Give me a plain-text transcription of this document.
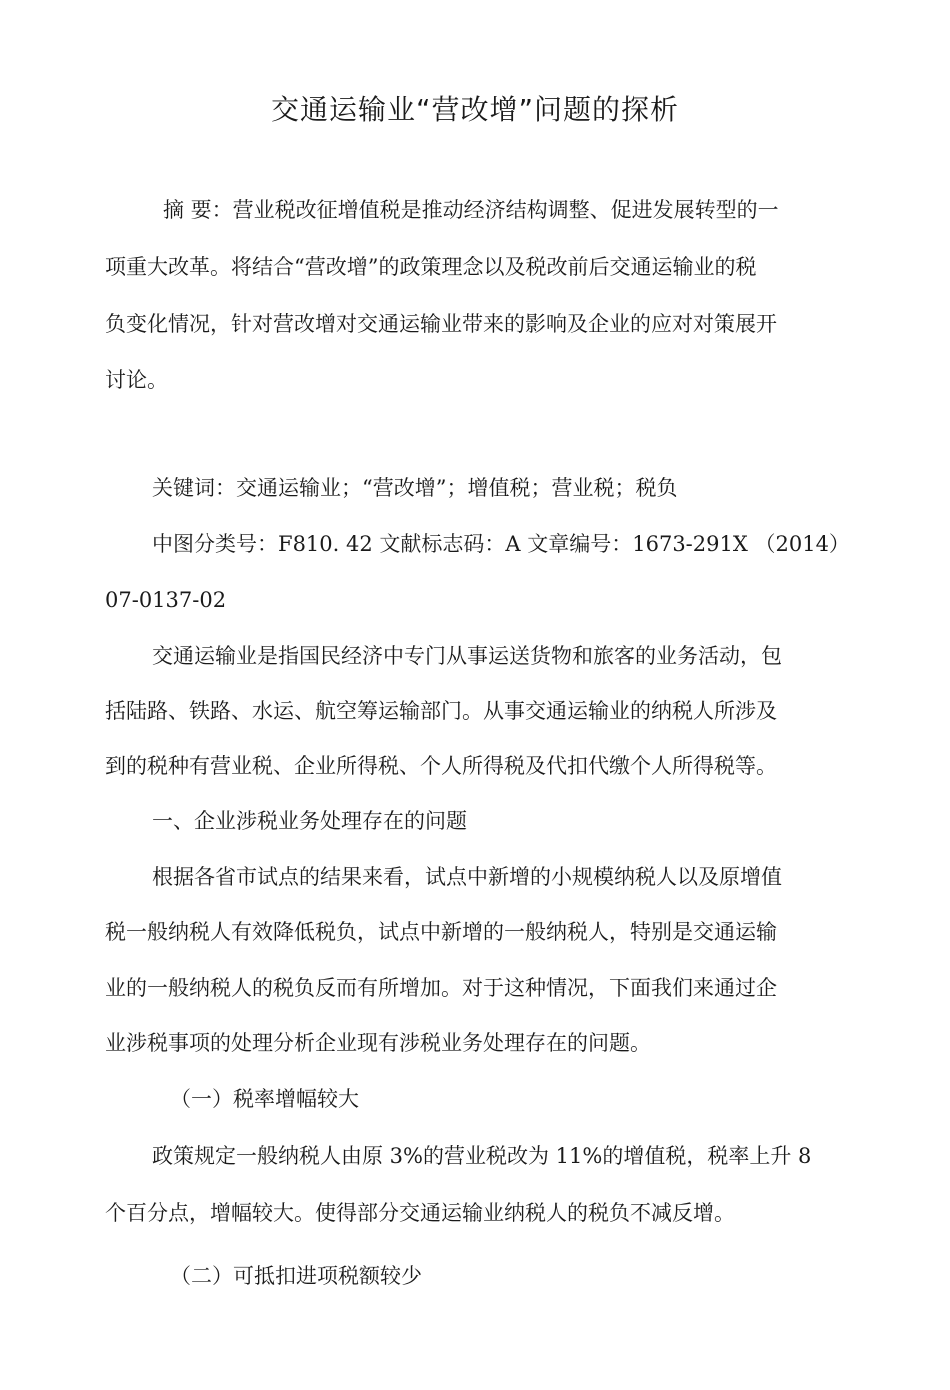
交通运输业“营改增”问题的探析
摘 要：营业税改征增值税是推动经济结构调整、促进发展转型的一
项重大改革。将结合“营改增”的政策理念以及税改前后交通运输业的税
负变化情况，针对营改增对交通运输业带来的影响及企业的应对对策展开
讨论。
关键词：交通运输业；“营改增”；增值税；营业税；税负
中图分类号：F810. 42 文献标志码：A 文章编号：1673-291X （2014）
07-0137-02
交通运输业是指国民经济中专门从事运送货物和旅客的业务活动，包
括陆路、铁路、水运、航空筹运输部门。从事交通运输业的纳税人所涉及
到的税种有营业税、企业所得税、个人所得税及代扣代缴个人所得税等。
一、企业涉税业务处理存在的问题
根据各省市试点的结果来看，试点中新增的小规模纳税人以及原增值
税一般纳税人有效降低税负，试点中新增的一般纳税人，特别是交通运输
业的一般纳税人的税负反而有所增加。对于这种情况，下面我们来通过企
业涉税事项的处理分析企业现有涉税业务处理存在的问题。
（一）税率增幅较大
政策规定一般纳税人由原 3%的营业税改为 11%的增值税，税率上升 8
个百分点，增幅较大。使得部分交通运输业纳税人的税负不减反增。
（二）可抵扣进项税额较少
